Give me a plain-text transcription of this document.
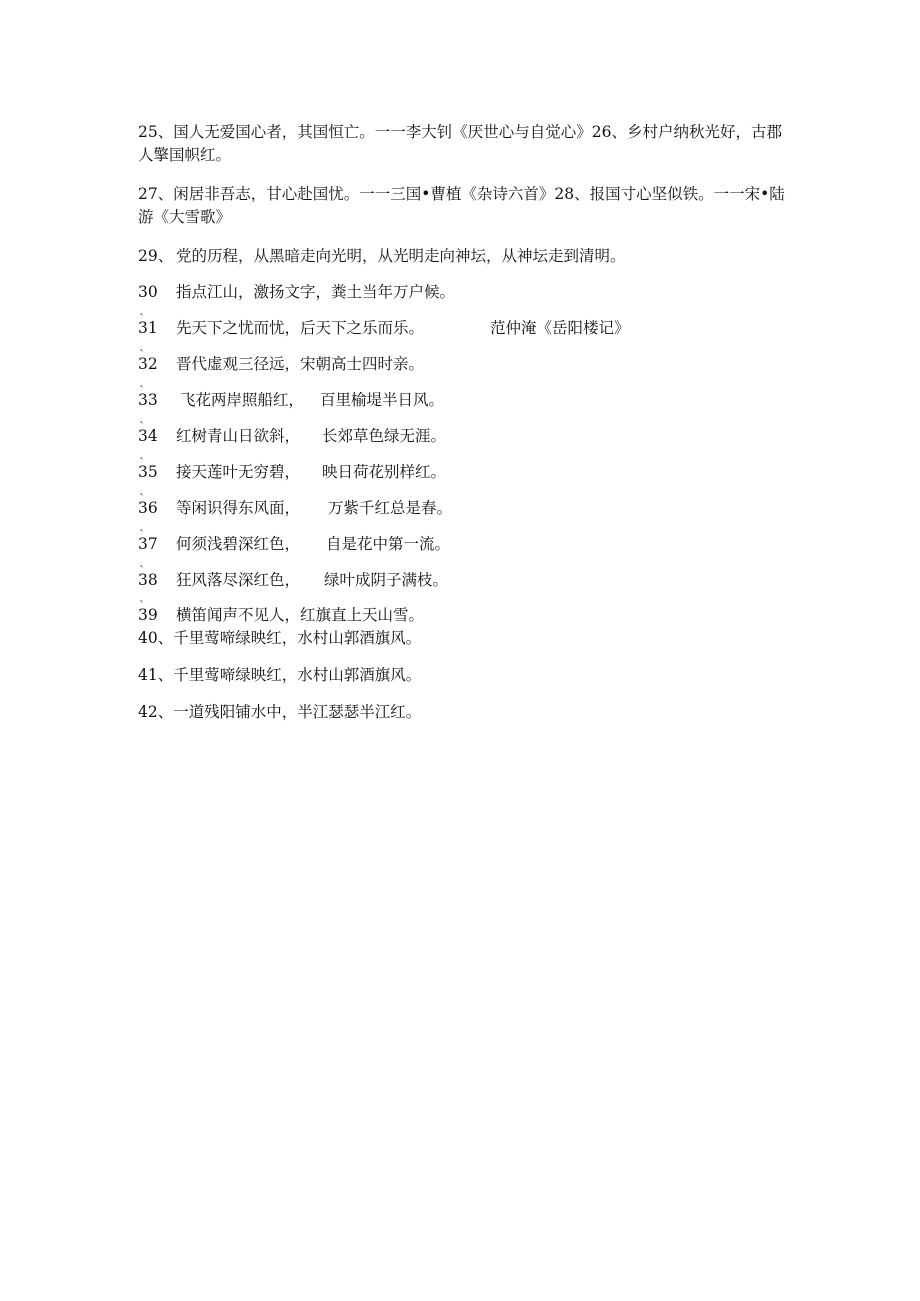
25、国人无爱国心者，其国恒亡。一一李大钊《厌世心与自觉心》26、乡村户纳秋光好，古郡人擎国帜红。

27、闲居非吾志，甘心赴国忧。一一三国•曹植《杂诗六首》28、报国寸心坚似铁。一一宋•陆游《大雪歌》

29、 党的历程，从黑暗走向光明，从光明走向神坛，从神坛走到清明。
30 指点江山，激扬文字，粪土当年万户候。
ˋ 31 先天下之忧而忧，后天下之乐而乐。	范仲淹《岳阳楼记》
ˋ 32 晋代虚观三径远，宋朝高士四时亲。
ˋ 33 飞花两岸照船红， 百里榆堤半日风。
ˋ 34 红树青山日欲斜， 长郊草色绿无涯。
ˋ 35 接天莲叶无穷碧， 映日荷花别样红。
ˋ 36 等闲识得东风面， 万紫千红总是春。
ˋ 37 何须浅碧深红色， 自是花中第一流。
ˋ 38 狂风落尽深红色， 绿叶成阴子满枝。
ˋ 39 横笛闻声不见人，红旗直上天山雪。
40、千里莺啼绿映红，水村山郭酒旗风。
41、千里莺啼绿映红，水村山郭酒旗风。
42、一道残阳铺水中，半江瑟瑟半江红。
